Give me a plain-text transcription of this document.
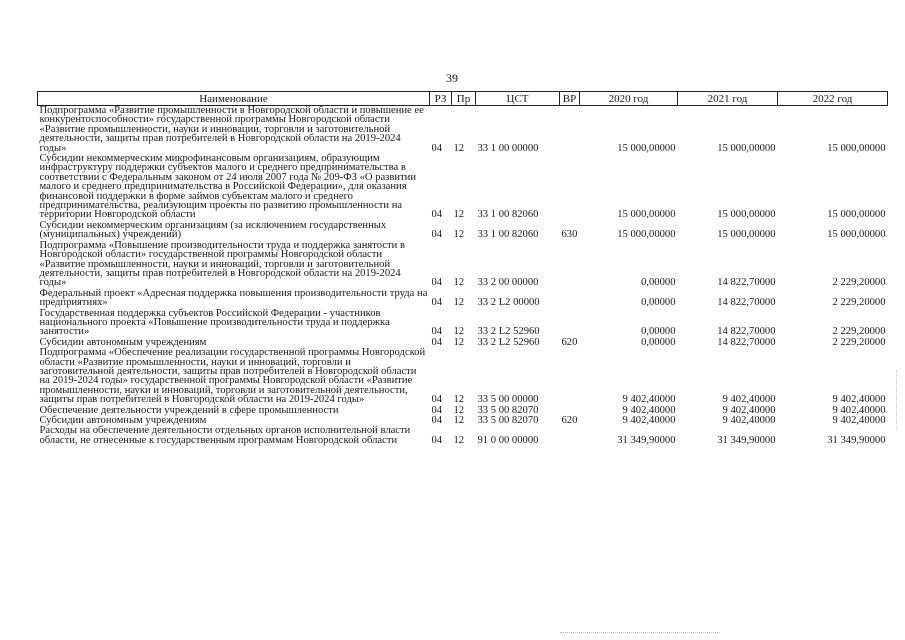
39
Наименование	РЗ	Пр	ЦСТ	ВР	2020 год	2021 год	2022 год
Подпрограмма «Развитие промышленности в Новгородской области и повышение ее конкурентоспособности» государственной программы Новгородской области «Развитие промышленности, науки и инновации, торговли и заготовительной деятельности, защиты прав потребителей в Новгородской области на 2019-2024 годы»	04	12	33 1 00 00000		15 000,00000	15 000,00000	15 000,00000
Субсидии некоммерческим микрофинансовым организациям, образующим инфраструктуру поддержки субъектов малого и среднего предпринимательства в соответствии с Федеральным законом от 24 июля 2007 года № 209-ФЗ «О развитии малого и среднего предпринимательства в Российской Федерации», для оказания финансовой поддержки в форме займов субъектам малого и среднего предпринимательства, реализующим проекты по развитию промышленности на территории Новгородской области	04	12	33 1 00 82060		15 000,00000	15 000,00000	15 000,00000
Субсидии некоммерческим организациям (за исключением государственных (муниципальных) учреждений)	04	12	33 1 00 82060	630	15 000,00000	15 000,00000	15 000,00000
Подпрограмма «Повышение производительности труда и поддержка занятости в Новгородской области» государственной программы Новгородской области «Развитие промышленности, науки и инноваций, торговли и заготовительной деятельности, защиты прав потребителей в Новгородской области на 2019-2024 годы»	04	12	33 2 00 00000		0,00000	14 822,70000	2 229,20000
Федеральный проект «Адресная поддержка повышения производительности труда на предприятиях»	04	12	33 2 L2 00000		0,00000	14 822,70000	2 229,20000
Государственная поддержка субъектов Российской Федерации - участников национального проекта «Повышение производительности труда и поддержка занятости»	04	12	33 2 L2 52960		0,00000	14 822,70000	2 229,20000
Субсидии автономным учреждениям	04	12	33 2 L2 52960	620	0,00000	14 822,70000	2 229,20000
Подпрограмма «Обеспечение реализации государственной программы Новгородской области «Развитие промышленности, науки и инноваций, торговли и заготовительной деятельности, защиты прав потребителей в Новгородской области на 2019-2024 годы» государственной программы Новгородской области «Развитие промышленности, науки и инноваций, торговли и заготовительной деятельности, защиты прав потребителей в Новгородской области на 2019-2024 годы»	04	12	33 5 00 00000		9 402,40000	9 402,40000	9 402,40000
Обеспечение деятельности учреждений в сфере промышленности	04	12	33 5 00 82070		9 402,40000	9 402,40000	9 402,40000
Субсидии автономным учреждениям	04	12	33 5 00 82070	620	9 402,40000	9 402,40000	9 402,40000
Расходы на обеспечение деятельности отдельных органов исполнительной власти области, не отнесенные к государственным программам Новгородской области	04	12	91 0 00 00000		31 349,90000	31 349,90000	31 349,90000
